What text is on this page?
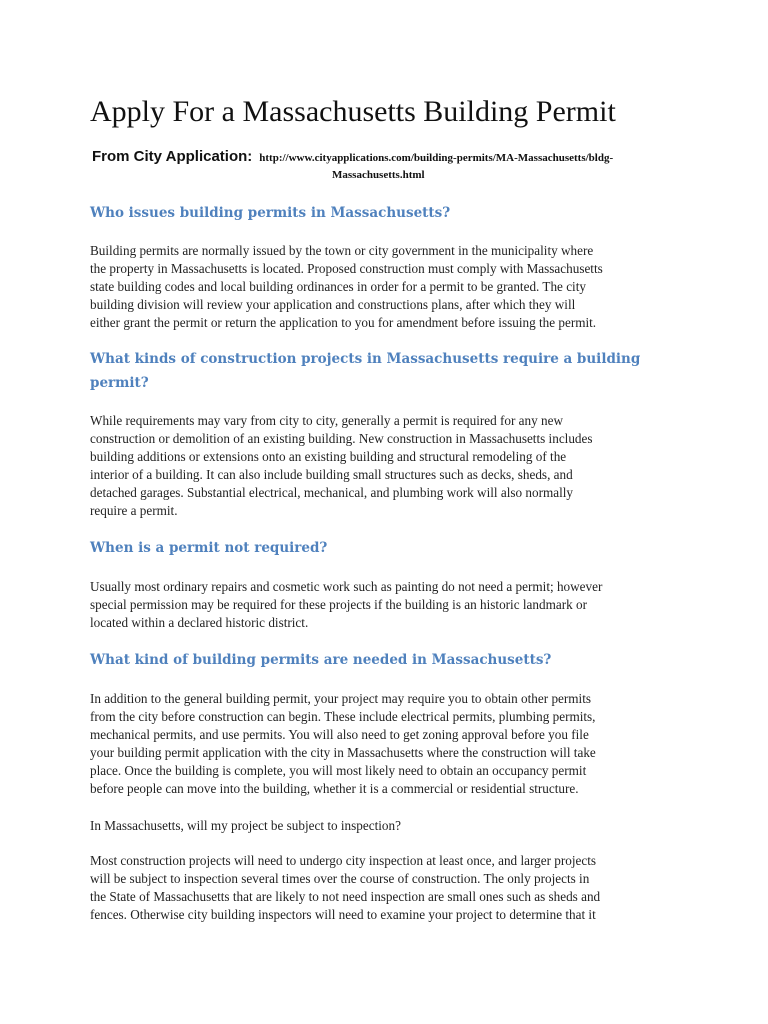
Apply For a Massachusetts Building Permit
From City Application: http://www.cityapplications.com/building-permits/MA-Massachusetts/bldg-
Massachusetts.html
Who issues building permits in Massachusetts?

Building permits are normally issued by the town or city government in the municipality where
the property in Massachusetts is located. Proposed construction must comply with Massachusetts
state building codes and local building ordinances in order for a permit to be granted. The city
building division will review your application and constructions plans, after which they will
either grant the permit or return the application to you for amendment before issuing the permit.

What kinds of construction projects in Massachusetts require a building
permit?

While requirements may vary from city to city, generally a permit is required for any new
construction or demolition of an existing building. New construction in Massachusetts includes
building additions or extensions onto an existing building and structural remodeling of the
interior of a building. It can also include building small structures such as decks, sheds, and
detached garages. Substantial electrical, mechanical, and plumbing work will also normally
require a permit.

When is a permit not required?

Usually most ordinary repairs and cosmetic work such as painting do not need a permit; however
special permission may be required for these projects if the building is an historic landmark or
located within a declared historic district.

What kind of building permits are needed in Massachusetts?

In addition to the general building permit, your project may require you to obtain other permits
from the city before construction can begin. These include electrical permits, plumbing permits,
mechanical permits, and use permits. You will also need to get zoning approval before you file
your building permit application with the city in Massachusetts where the construction will take
place. Once the building is complete, you will most likely need to obtain an occupancy permit
before people can move into the building, whether it is a commercial or residential structure.

In Massachusetts, will my project be subject to inspection?

Most construction projects will need to undergo city inspection at least once, and larger projects
will be subject to inspection several times over the course of construction. The only projects in
the State of Massachusetts that are likely to not need inspection are small ones such as sheds and
fences. Otherwise city building inspectors will need to examine your project to determine that it
